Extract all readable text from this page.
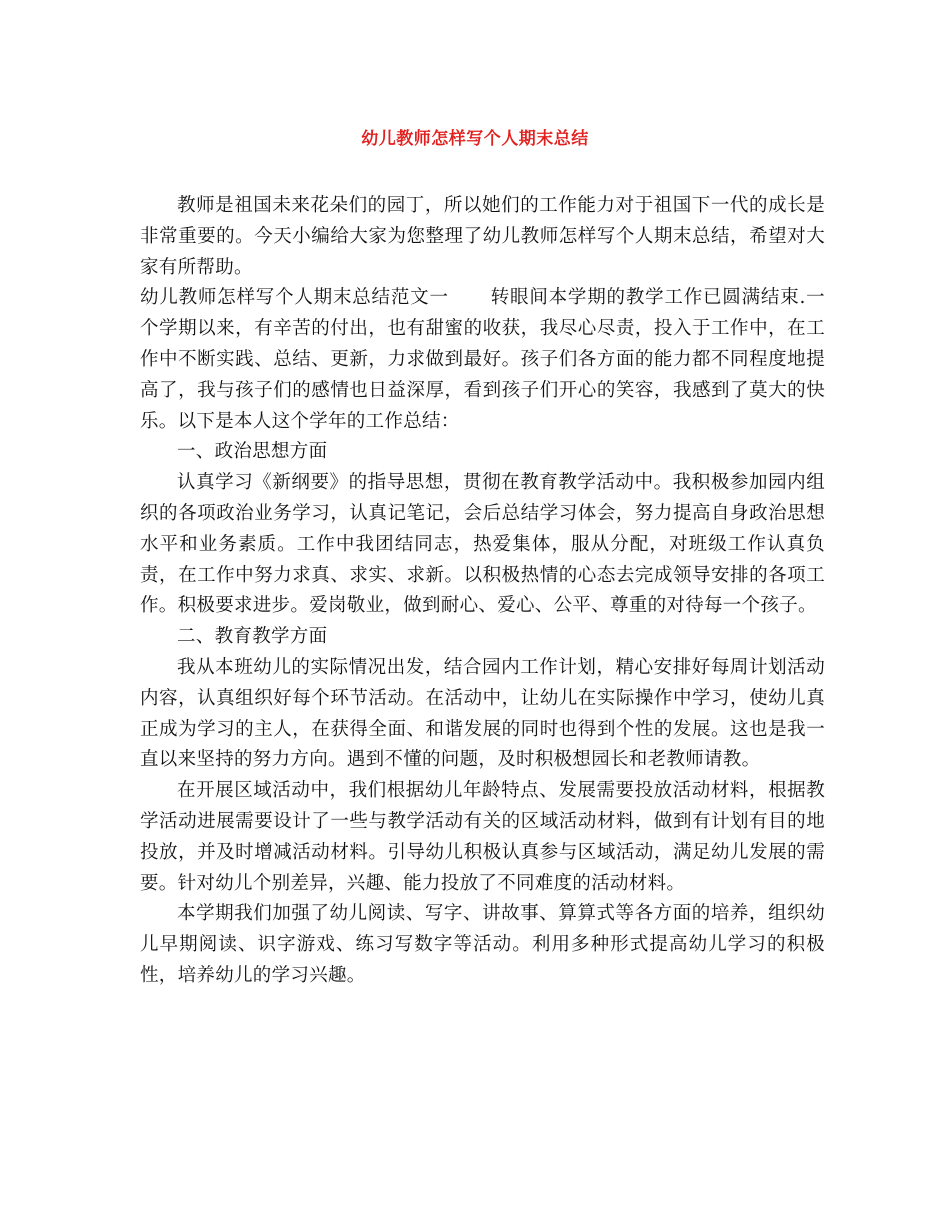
幼儿教师怎样写个人期末总结

教师是祖国未来花朵们的园丁，所以她们的工作能力对于祖国下一代的成长是非常重要的。今天小编给大家为您整理了幼儿教师怎样写个人期末总结，希望对大家有所帮助。

幼儿教师怎样写个人期末总结范文一 转眼间本学期的教学工作已圆满结束.一个学期以来，有辛苦的付出，也有甜蜜的收获，我尽心尽责，投入于工作中，在工作中不断实践、总结、更新，力求做到最好。孩子们各方面的能力都不同程度地提高了，我与孩子们的感情也日益深厚，看到孩子们开心的笑容，我感到了莫大的快乐。以下是本人这个学年的工作总结：

一、政治思想方面

认真学习《新纲要》的指导思想，贯彻在教育教学活动中。我积极参加园内组织的各项政治业务学习，认真记笔记，会后总结学习体会，努力提高自身政治思想水平和业务素质。工作中我团结同志，热爱集体，服从分配，对班级工作认真负责，在工作中努力求真、求实、求新。以积极热情的心态去完成领导安排的各项工作。积极要求进步。爱岗敬业，做到耐心、爱心、公平、尊重的对待每一个孩子。

二、教育教学方面

我从本班幼儿的实际情况出发，结合园内工作计划，精心安排好每周计划活动内容，认真组织好每个环节活动。在活动中，让幼儿在实际操作中学习，使幼儿真正成为学习的主人，在获得全面、和谐发展的同时也得到个性的发展。这也是我一直以来坚持的努力方向。遇到不懂的问题，及时积极想园长和老教师请教。

在开展区域活动中，我们根据幼儿年龄特点、发展需要投放活动材料，根据教学活动进展需要设计了一些与教学活动有关的区域活动材料，做到有计划有目的地投放，并及时增减活动材料。引导幼儿积极认真参与区域活动，满足幼儿发展的需要。针对幼儿个别差异，兴趣、能力投放了不同难度的活动材料。

本学期我们加强了幼儿阅读、写字、讲故事、算算式等各方面的培养，组织幼儿早期阅读、识字游戏、练习写数字等活动。利用多种形式提高幼儿学习的积极性，培养幼儿的学习兴趣。
